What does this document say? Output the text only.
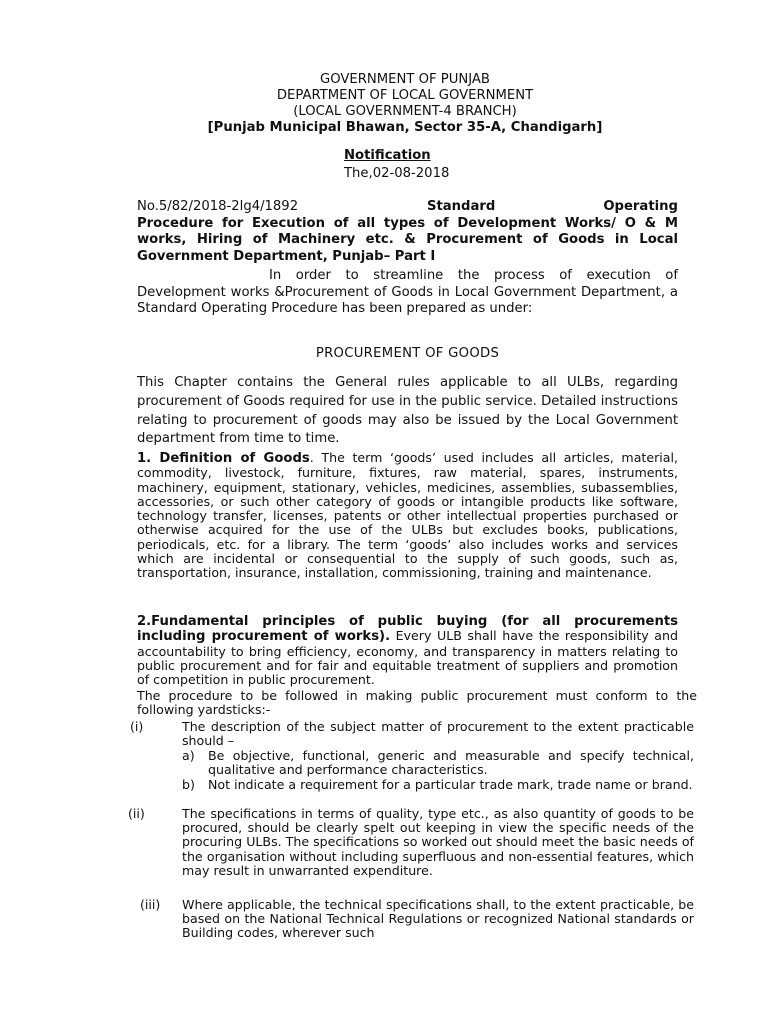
GOVERNMENT OF PUNJAB
DEPARTMENT OF LOCAL GOVERNMENT
(LOCAL GOVERNMENT-4 BRANCH)
[Punjab Municipal Bhawan, Sector 35-A, Chandigarh]
Notification
The,02-08-2018
No.5/82/2018-2lg4/1892	Standard	Operating

Procedure for Execution of all types of Development Works/ O & M works, Hiring of Machinery etc. & Procurement of Goods in Local Government Department, Punjab– Part I

In order to streamline the process of execution of Development works &Procurement of Goods in Local Government Department, a Standard Operating Procedure has been prepared as under:
PROCUREMENT OF GOODS
This Chapter contains the General rules applicable to all ULBs, regarding procurement of Goods required for use in the public service. Detailed instructions relating to procurement of goods may also be issued by the Local Government department from time to time.
1. Definition of Goods. The term ‘goods’ used includes all articles, material, commodity, livestock, furniture, fixtures, raw material, spares, instruments, machinery, equipment, stationary, vehicles, medicines, assemblies, subassemblies, accessories, or such other category of goods or intangible products like software, technology transfer, licenses, patents or other intellectual properties purchased or otherwise acquired for the use of the ULBs but excludes books, publications, periodicals, etc. for a library. The term ‘goods’ also includes works and services which are incidental or consequential to the supply of such goods, such as, transportation, insurance, installation, commissioning, training and maintenance.
2.Fundamental principles of public buying (for all procurements including procurement of works). Every ULB shall have the responsibility and accountability to bring efficiency, economy, and transparency in matters relating to public procurement and for fair and equitable treatment of suppliers and promotion of competition in public procurement.
The procedure to be followed in making public procurement must conform to the following yardsticks:-
(i)	The description of the subject matter of procurement to the extent practicable should –
a) Be objective, functional, generic and measurable and specify technical, qualitative and performance characteristics.
b) Not indicate a requirement for a particular trade mark, trade name or brand.
(ii)	The specifications in terms of quality, type etc., as also quantity of goods to be procured, should be clearly spelt out keeping in view the specific needs of the procuring ULBs. The specifications so worked out should meet the basic needs of the organisation without including superfluous and non-essential features, which may result in unwarranted expenditure.
(iii) Where applicable, the technical specifications shall, to the extent practicable, be based on the National Technical Regulations or recognized National standards or Building codes, wherever such
